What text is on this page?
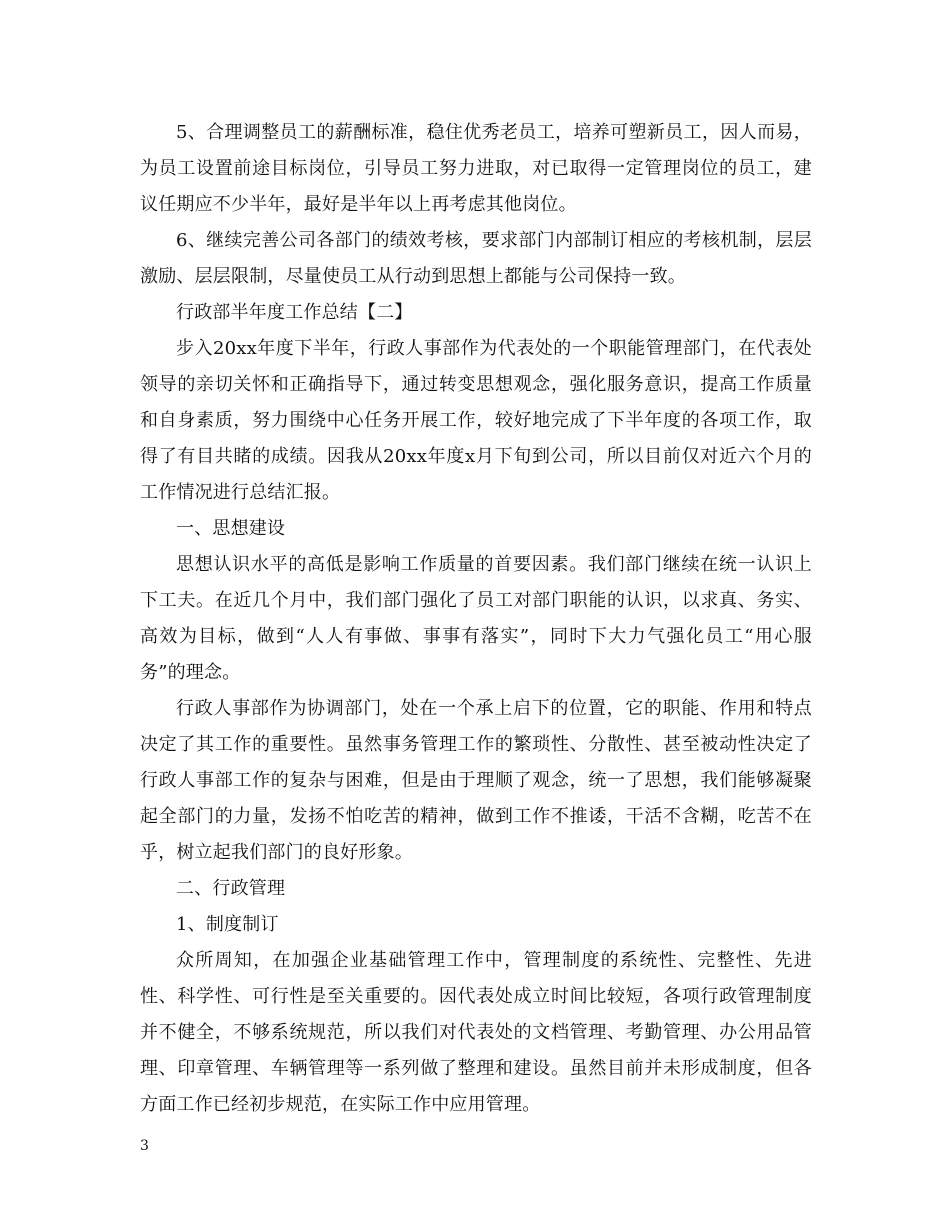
5、合理调整员工的薪酬标准，稳住优秀老员工，培养可塑新员工，因人而易，为员工设置前途目标岗位，引导员工努力进取，对已取得一定管理岗位的员工，建议任期应不少半年，最好是半年以上再考虑其他岗位。

6、继续完善公司各部门的绩效考核，要求部门内部制订相应的考核机制，层层激励、层层限制，尽量使员工从行动到思想上都能与公司保持一致。

行政部半年度工作总结【二】

步入20xx年度下半年，行政人事部作为代表处的一个职能管理部门，在代表处领导的亲切关怀和正确指导下，通过转变思想观念，强化服务意识，提高工作质量和自身素质，努力围绕中心任务开展工作，较好地完成了下半年度的各项工作，取得了有目共睹的成绩。因我从20xx年度x月下旬到公司，所以目前仅对近六个月的工作情况进行总结汇报。

一、思想建设

思想认识水平的高低是影响工作质量的首要因素。我们部门继续在统一认识上下工夫。在近几个月中，我们部门强化了员工对部门职能的认识，以求真、务实、高效为目标，做到“人人有事做、事事有落实”，同时下大力气强化员工“用心服务”的理念。

行政人事部作为协调部门，处在一个承上启下的位置，它的职能、作用和特点决定了其工作的重要性。虽然事务管理工作的繁琐性、分散性、甚至被动性决定了行政人事部工作的复杂与困难，但是由于理顺了观念，统一了思想，我们能够凝聚起全部门的力量，发扬不怕吃苦的精神，做到工作不推诿，干活不含糊，吃苦不在乎，树立起我们部门的良好形象。

二、行政管理

1、制度制订

众所周知，在加强企业基础管理工作中，管理制度的系统性、完整性、先进性、科学性、可行性是至关重要的。因代表处成立时间比较短，各项行政管理制度并不健全，不够系统规范，所以我们对代表处的文档管理、考勤管理、办公用品管理、印章管理、车辆管理等一系列做了整理和建设。虽然目前并未形成制度，但各方面工作已经初步规范，在实际工作中应用管理。

3
